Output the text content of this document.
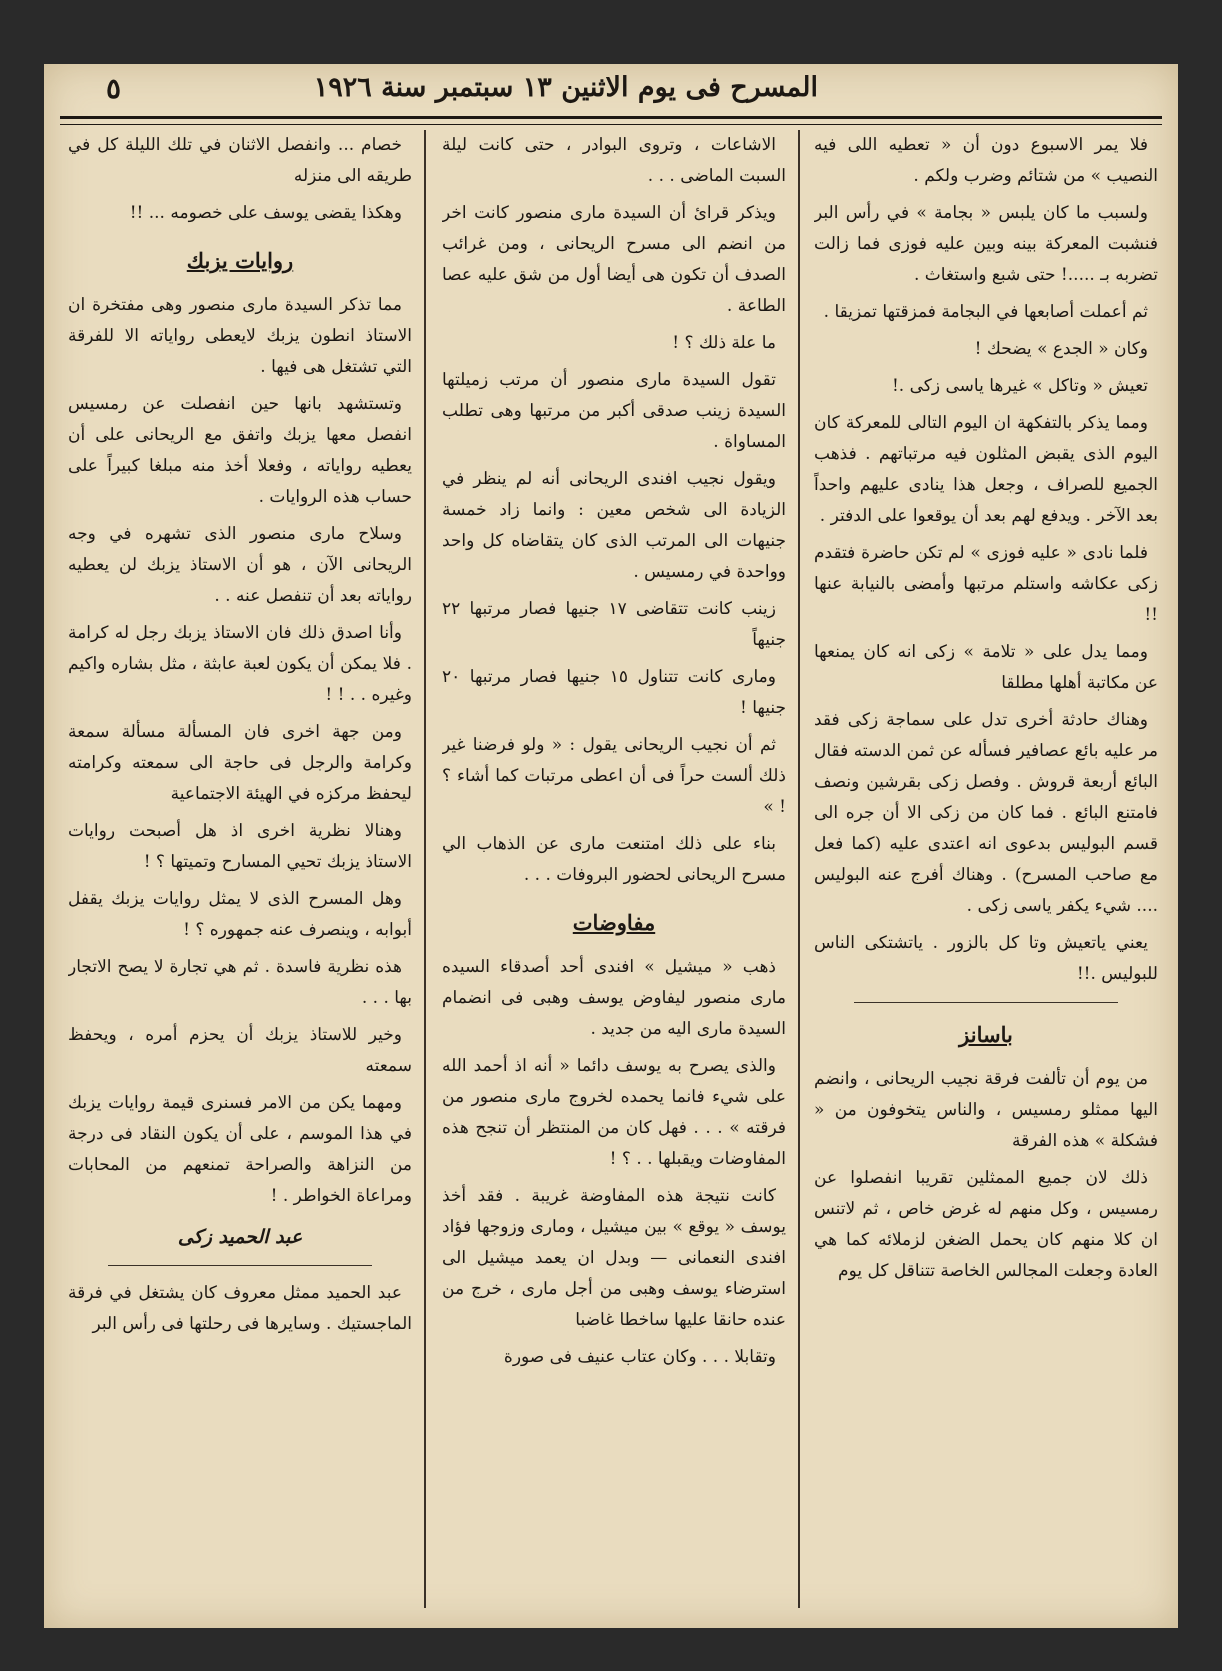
المسرح فى يوم الاثنين ١٣ سبتمبر سنة ١٩٢٦
٥

فلا يمر الاسبوع دون أن « تعطيه اللى فيه النصيب » من شتائم وضرب ولكم .

ولسبب ما كان يلبس « بجامة » في رأس البر فنشبت المعركة بينه وبين عليه فوزى فما زالت تضربه بـ .....! حتى شبع واستغاث .

ثم أعملت أصابعها في البجامة فمزقتها تمزيقا .

وكان « الجدع » يضحك !

تعيش « وتاكل » غيرها ياسى زكى .!

ومما يذكر بالتفكهة ان اليوم التالى للمعركة كان اليوم الذى يقبض المثلون فيه مرتباتهم . فذهب الجميع للصراف ، وجعل هذا ينادى عليهم واحداً بعد الآخر . ويدفع لهم بعد أن يوقعوا على الدفتر .

فلما نادى « عليه فوزى » لم تكن حاضرة فتقدم زكى عكاشه واستلم مرتبها وأمضى بالنيابة عنها !!

ومما يدل على « تلامة » زكى انه كان يمنعها عن مكاتبة أهلها مطلقا

وهناك حادثة أخرى تدل على سماجة زكى فقد مر عليه بائع عصافير فسأله عن ثمن الدسته فقال البائع أربعة قروش . وفصل زكى بقرشين ونصف فامتنع البائع . فما كان من زكى الا أن جره الى قسم البوليس بدعوى انه اعتدى عليه (كما فعل مع صاحب المسرح) . وهناك أفرج عنه البوليس .... شيء يكفر ياسى زكى .

يعني ياتعيش وتا كل بالزور . ياتشتكى الناس للبوليس .!!

باسانز

من يوم أن تألفت فرقة نجيب الريحانى ، وانضم اليها ممثلو رمسيس ، والناس يتخوفون من « فشكلة » هذه الفرقة

ذلك لان جميع الممثلين تقريبا انفصلوا عن رمسيس ، وكل منهم له غرض خاص ، ثم لاتنس ان كلا منهم كان يحمل الضغن لزملائه كما هي العادة وجعلت المجالس الخاصة تتناقل كل يوم

الاشاعات ، وتروى البوادر ، حتى كانت ليلة السبت الماضى . . .

ويذكر قرائ أن السيدة مارى منصور كانت اخر من انضم الى مسرح الريحانى ، ومن غرائب الصدف أن تكون هى أيضا أول من شق عليه عصا الطاعة .

ما علة ذلك ؟ !

تقول السيدة مارى منصور أن مرتب زميلتها السيدة زينب صدقى أكبر من مرتبها وهى تطلب المساواة .

ويقول نجيب افندى الريحانى أنه لم ينظر في الزيادة الى شخص معين : وانما زاد خمسة جنيهات الى المرتب الذى كان يتقاضاه كل واحد وواحدة في رمسيس .

زينب كانت تتقاضى ١٧ جنيها فصار مرتبها ٢٢ جنيهاً

ومارى كانت تتناول ١٥ جنيها فصار مرتبها ٢٠ جنيها !

ثم أن نجيب الريحانى يقول : « ولو فرضنا غير ذلك ألست حراً فى أن اعطى مرتبات كما أشاء ؟ ! »

بناء على ذلك امتنعت مارى عن الذهاب الي مسرح الريحانى لحضور البروفات . . .

مفاوضات

ذهب « ميشيل » افندى أحد أصدقاء السيده مارى منصور ليفاوض يوسف وهبى فى انضمام السيدة مارى اليه من جديد .

والذى يصرح به يوسف دائما « أنه اذ أحمد الله على شيء فانما يحمده لخروج مارى منصور من فرقته » . . . فهل كان من المنتظر أن تنجح هذه المفاوضات ويقبلها . . ؟ !

كانت نتيجة هذه المفاوضة غريبة . فقد أخذ يوسف « يوقع » بين ميشيل ، ومارى وزوجها فؤاد افندى النعمانى — وبدل ان يعمد ميشيل الى استرضاء يوسف وهبى من أجل مارى ، خرج من عنده حانقا عليها ساخطا غاضبا

وتقابلا . . . وكان عتاب عنيف فى صورة

خصام ... وانفصل الاثنان في تلك الليلة كل في طريقه الى منزله

وهكذا يقضى يوسف على خصومه ... !!

روايات يزبك

مما تذكر السيدة مارى منصور وهى مفتخرة ان الاستاذ انطون يزبك لايعطى رواياته الا للفرقة التي تشتغل هى فيها .

وتستشهد بانها حين انفصلت عن رمسيس انفصل معها يزبك واتفق مع الريحانى على أن يعطيه رواياته ، وفعلا أخذ منه مبلغا كبيراً على حساب هذه الروايات .

وسلاح مارى منصور الذى تشهره في وجه الريحانى الآن ، هو أن الاستاذ يزبك لن يعطيه رواياته بعد أن تنفصل عنه . .

وأنا اصدق ذلك فان الاستاذ يزبك رجل له كرامة . فلا يمكن أن يكون لعبة عابثة ، مثل بشاره واكيم وغيره . . ! !

ومن جهة اخرى فان المسألة مسألة سمعة وكرامة والرجل فى حاجة الى سمعته وكرامته ليحفظ مركزه في الهيئة الاجتماعية

وهنالا نظرية اخرى اذ هل أصبحت روايات الاستاذ يزبك تحيي المسارح وتميتها ؟ !

وهل المسرح الذى لا يمثل روايات يزبك يقفل أبوابه ، وينصرف عنه جمهوره ؟ !

هذه نظرية فاسدة . ثم هي تجارة لا يصح الاتجار بها . . .

وخير للاستاذ يزبك أن يحزم أمره ، ويحفظ سمعته

ومهما يكن من الامر فسنرى قيمة روايات يزبك في هذا الموسم ، على أن يكون النقاد فى درجة من النزاهة والصراحة تمنعهم من المحابات ومراعاة الخواطر . !

عبد الحميد زكى

عبد الحميد ممثل معروف كان يشتغل في فرقة الماجستيك . وسايرها فى رحلتها فى رأس البر
